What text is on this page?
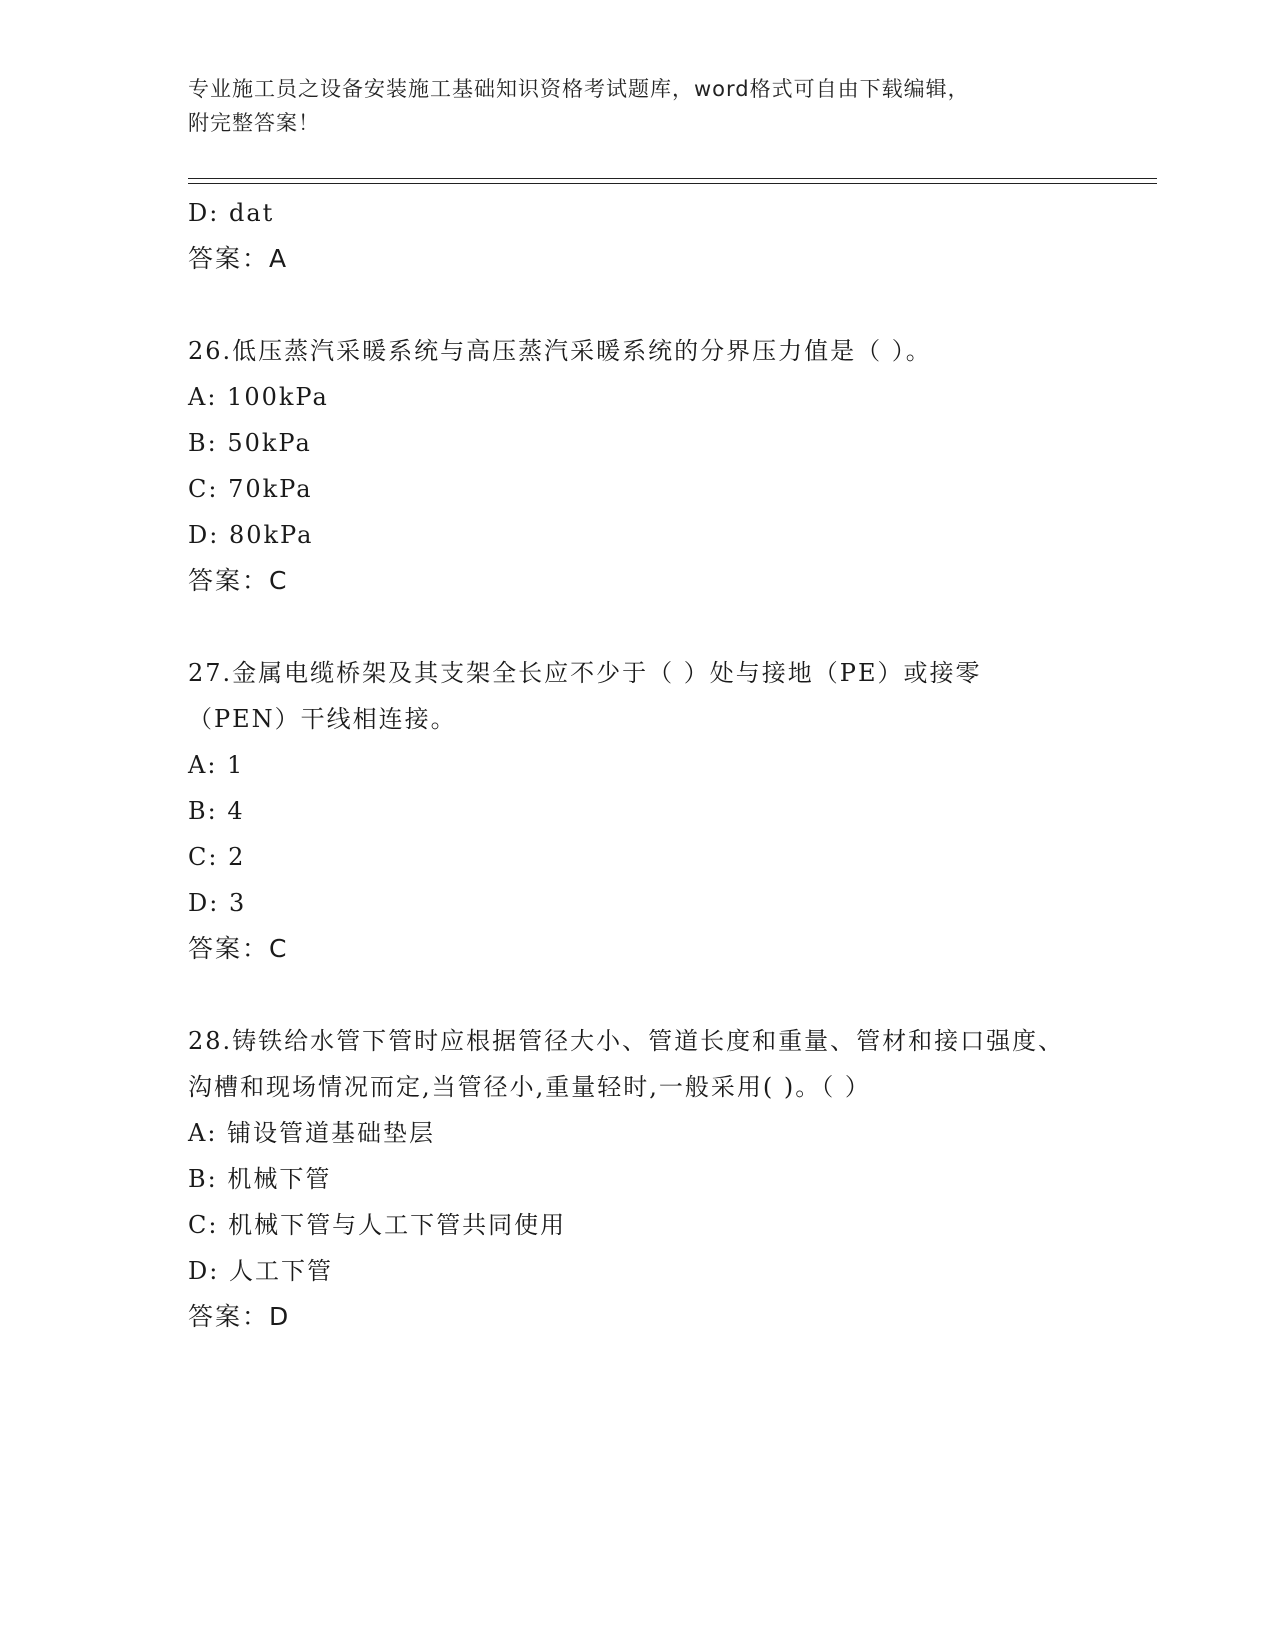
专业施工员之设备安装施工基础知识资格考试题库，word格式可自由下载编辑，
附完整答案！
D: dat
答案：A
26.低压蒸汽采暖系统与高压蒸汽采暖系统的分界压力值是（ ）。
A: 100kPa
B: 50kPa
C: 70kPa
D: 80kPa
答案：C
27.金属电缆桥架及其支架全长应不少于（ ）处与接地（PE）或接零（PEN）干线相连接。
A: 1
B: 4
C: 2
D: 3
答案：C
28.铸铁给水管下管时应根据管径大小、管道长度和重量、管材和接口强度、沟槽和现场情况而定,当管径小,重量轻时,一般采用( )。（ ）
A: 铺设管道基础垫层
B: 机械下管
C: 机械下管与人工下管共同使用
D: 人工下管
答案：D
